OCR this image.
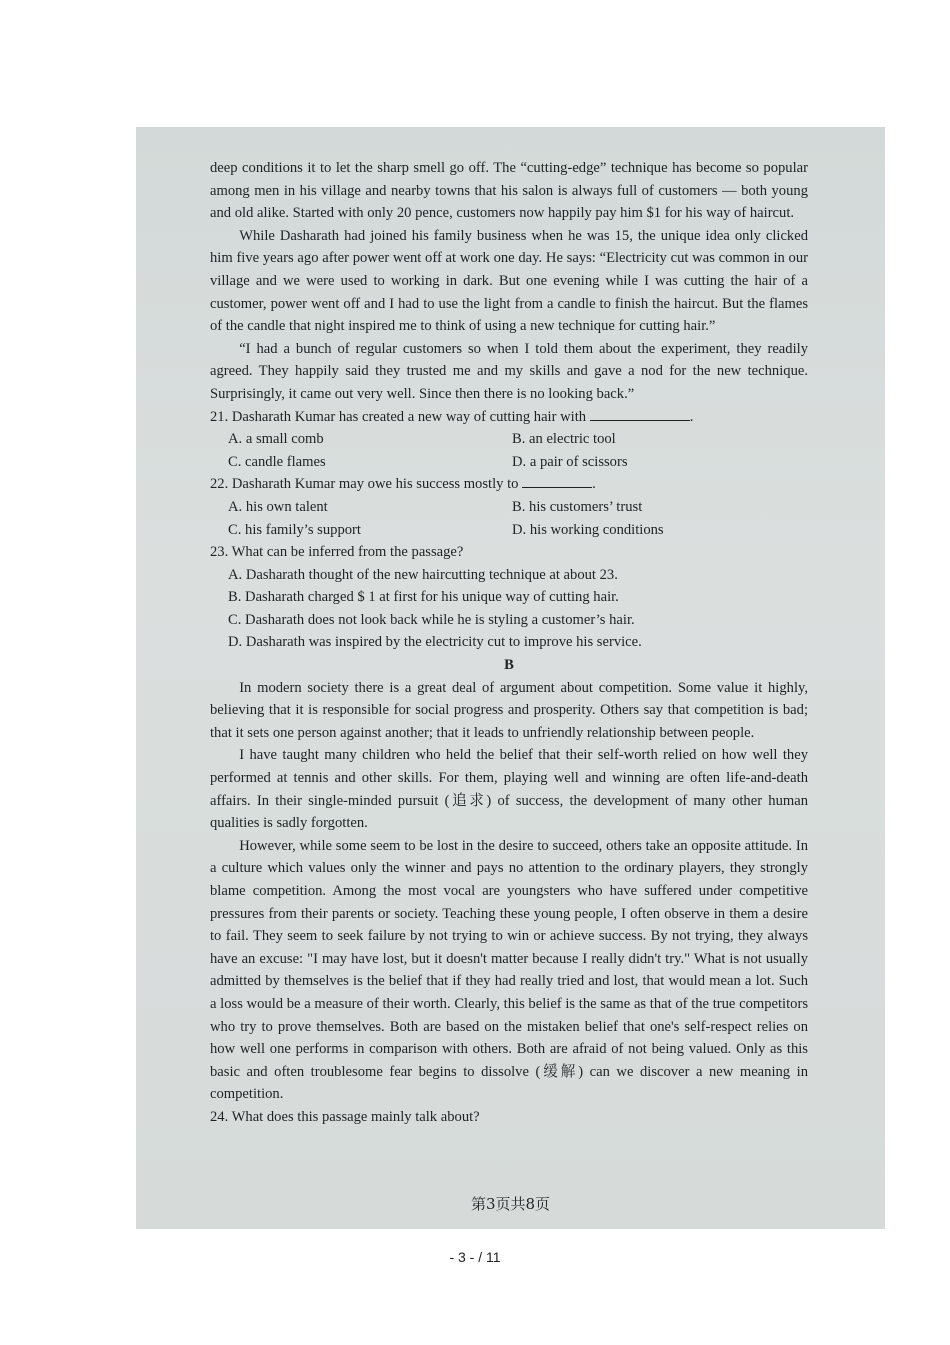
deep conditions it to let the sharp smell go off. The “cutting-edge” technique has become so popular among men in his village and nearby towns that his salon is always full of customers — both young and old alike. Started with only 20 pence, customers now happily pay him $1 for his way of haircut.

While Dasharath had joined his family business when he was 15, the unique idea only clicked him five years ago after power went off at work one day. He says: “Electricity cut was common in our village and we were used to working in dark. But one evening while I was cutting the hair of a customer, power went off and I had to use the light from a candle to finish the haircut. But the flames of the candle that night inspired me to think of using a new technique for cutting hair.”

“I had a bunch of regular customers so when I told them about the experiment, they readily agreed. They happily said they trusted me and my skills and gave a nod for the new technique. Surprisingly, it came out very well. Since then there is no looking back.”

21. Dasharath Kumar has created a new way of cutting hair with	.
A. a small comb	B. an electric tool
C. candle flames	D. a pair of scissors
22. Dasharath Kumar may owe his success mostly to	.
A. his own talent	B. his customers’ trust
C. his family’s support	D. his working conditions
23. What can be inferred from the passage?
A. Dasharath thought of the new haircutting technique at about 23.
B. Dasharath charged $ 1 at first for his unique way of cutting hair.
C. Dasharath does not look back while he is styling a customer’s hair.
D. Dasharath was inspired by the electricity cut to improve his service.

B

In modern society there is a great deal of argument about competition. Some value it highly, believing that it is responsible for social progress and prosperity. Others say that competition is bad; that it sets one person against another; that it leads to unfriendly relationship between people.

I have taught many children who held the belief that their self-worth relied on how well they performed at tennis and other skills. For them, playing well and winning are often life-and-death affairs. In their single-minded pursuit (追求) of success, the development of many other human qualities is sadly forgotten.

However, while some seem to be lost in the desire to succeed, others take an opposite attitude. In a culture which values only the winner and pays no attention to the ordinary players, they strongly blame competition. Among the most vocal are youngsters who have suffered under competitive pressures from their parents or society. Teaching these young people, I often observe in them a desire to fail. They seem to seek failure by not trying to win or achieve success. By not trying, they always have an excuse: "I may have lost, but it doesn't matter because I really didn't try." What is not usually admitted by themselves is the belief that if they had really tried and lost, that would mean a lot. Such a loss would be a measure of their worth. Clearly, this belief is the same as that of the true competitors who try to prove themselves. Both are based on the mistaken belief that one's self-respect relies on how well one performs in comparison with others. Both are afraid of not being valued. Only as this basic and often troublesome fear begins to dissolve (缓解) can we discover a new meaning in competition.

24. What does this passage mainly talk about?
第3页共8页
- 3 - / 11
